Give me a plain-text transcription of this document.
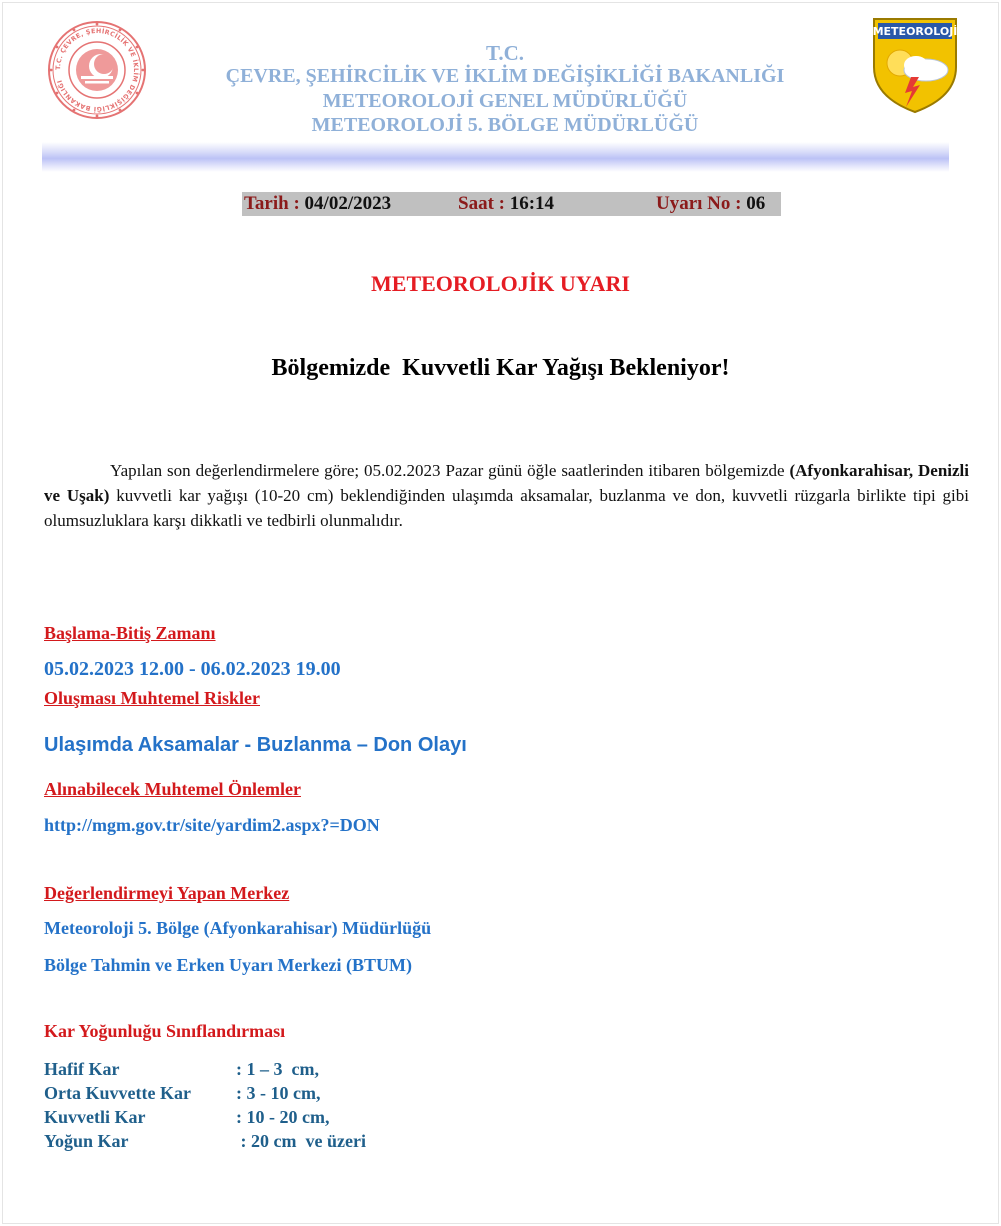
T.C. ÇEVRE, ŞEHİRCİLİK VE İKLİM DEĞİŞİKLİĞİ BAKANLIĞI
METEOROLOJİ
T.C.
ÇEVRE, ŞEHİRCİLİK VE İKLİM DEĞİŞİKLİĞİ BAKANLIĞI
METEOROLOJİ GENEL MÜDÜRLÜĞÜ
METEOROLOJİ 5. BÖLGE MÜDÜRLÜĞÜ
Tarih : 04/02/2023	Saat : 16:14	Uyarı No : 06
METEOROLOJİK UYARI
Bölgemizde  Kuvvetli Kar Yağışı Bekleniyor!
Yapılan son değerlendirmelere göre; 05.02.2023 Pazar günü öğle saatlerinden itibaren bölgemizde (Afyonkarahisar, Denizli ve Uşak) kuvvetli kar yağışı (10-20 cm) beklendiğinden ulaşımda aksamalar, buzlanma ve don, kuvvetli rüzgarla birlikte tipi gibi olumsuzluklara karşı dikkatli ve tedbirli olunmalıdır.
Başlama-Bitiş Zamanı
05.02.2023 12.00 - 06.02.2023 19.00
Oluşması Muhtemel Riskler
Ulaşımda Aksamalar - Buzlanma – Don Olayı
Alınabilecek Muhtemel Önlemler
http://mgm.gov.tr/site/yardim2.aspx?=DON
Değerlendirmeyi Yapan Merkez
Meteoroloji 5. Bölge (Afyonkarahisar) Müdürlüğü
Bölge Tahmin ve Erken Uyarı Merkezi (BTUM)
Kar Yoğunluğu Sınıflandırması
Hafif Kar	: 1 – 3  cm,
Orta Kuvvette Kar	: 3 - 10 cm,
Kuvvetli Kar	: 10 - 20 cm,
Yoğun Kar	: 20 cm  ve üzeri
